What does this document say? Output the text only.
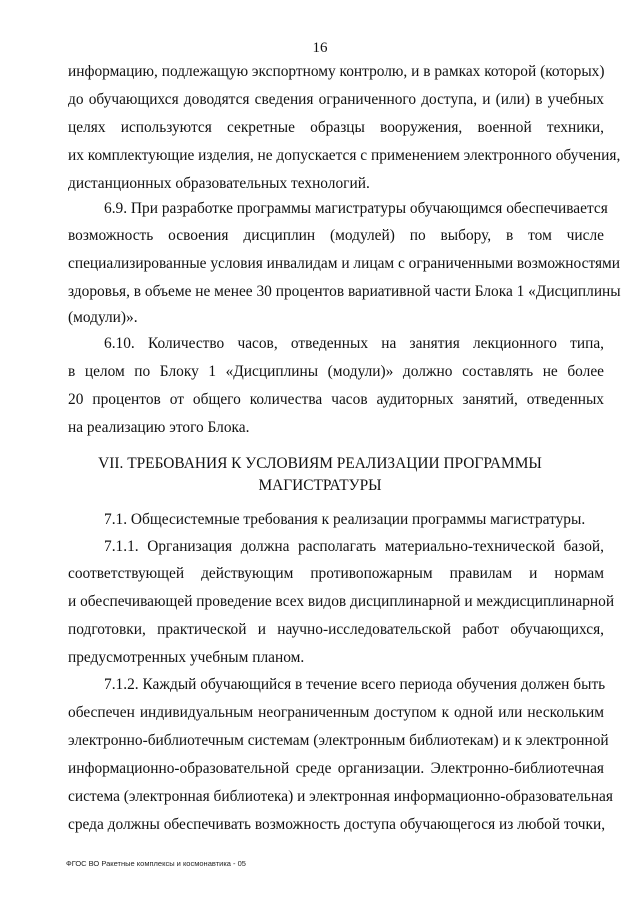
16
информацию, подлежащую экспортному контролю, и в рамках которой (которых)
до обучающихся доводятся сведения ограниченного доступа, и (или) в учебных
целях используются секретные образцы вооружения, военной техники,
их комплектующие изделия, не допускается с применением электронного обучения,
дистанционных образовательных технологий.
6.9. При разработке программы магистратуры обучающимся обеспечивается
возможность освоения дисциплин (модулей) по выбору, в том числе
специализированные условия инвалидам и лицам с ограниченными возможностями
здоровья, в объеме не менее 30 процентов вариативной части Блока 1 «Дисциплины
(модули)».
6.10. Количество часов, отведенных на занятия лекционного типа,
в целом по Блоку 1 «Дисциплины (модули)» должно составлять не более
20 процентов от общего количества часов аудиторных занятий, отведенных
на реализацию этого Блока.
VII. ТРЕБОВАНИЯ К УСЛОВИЯМ РЕАЛИЗАЦИИ ПРОГРАММЫ
МАГИСТРАТУРЫ
7.1. Общесистемные требования к реализации программы магистратуры.
7.1.1. Организация должна располагать материально-технической базой,
соответствующей действующим противопожарным правилам и нормам
и обеспечивающей проведение всех видов дисциплинарной и междисциплинарной
подготовки, практической и научно-исследовательской работ обучающихся,
предусмотренных учебным планом.
7.1.2. Каждый обучающийся в течение всего периода обучения должен быть
обеспечен индивидуальным неограниченным доступом к одной или нескольким
электронно-библиотечным системам (электронным библиотекам) и к электронной
информационно-образовательной среде организации. Электронно-библиотечная
система (электронная библиотека) и электронная информационно-образовательная
среда должны обеспечивать возможность доступа обучающегося из любой точки,
ФГОС ВО Ракетные комплексы и космонавтика - 05
